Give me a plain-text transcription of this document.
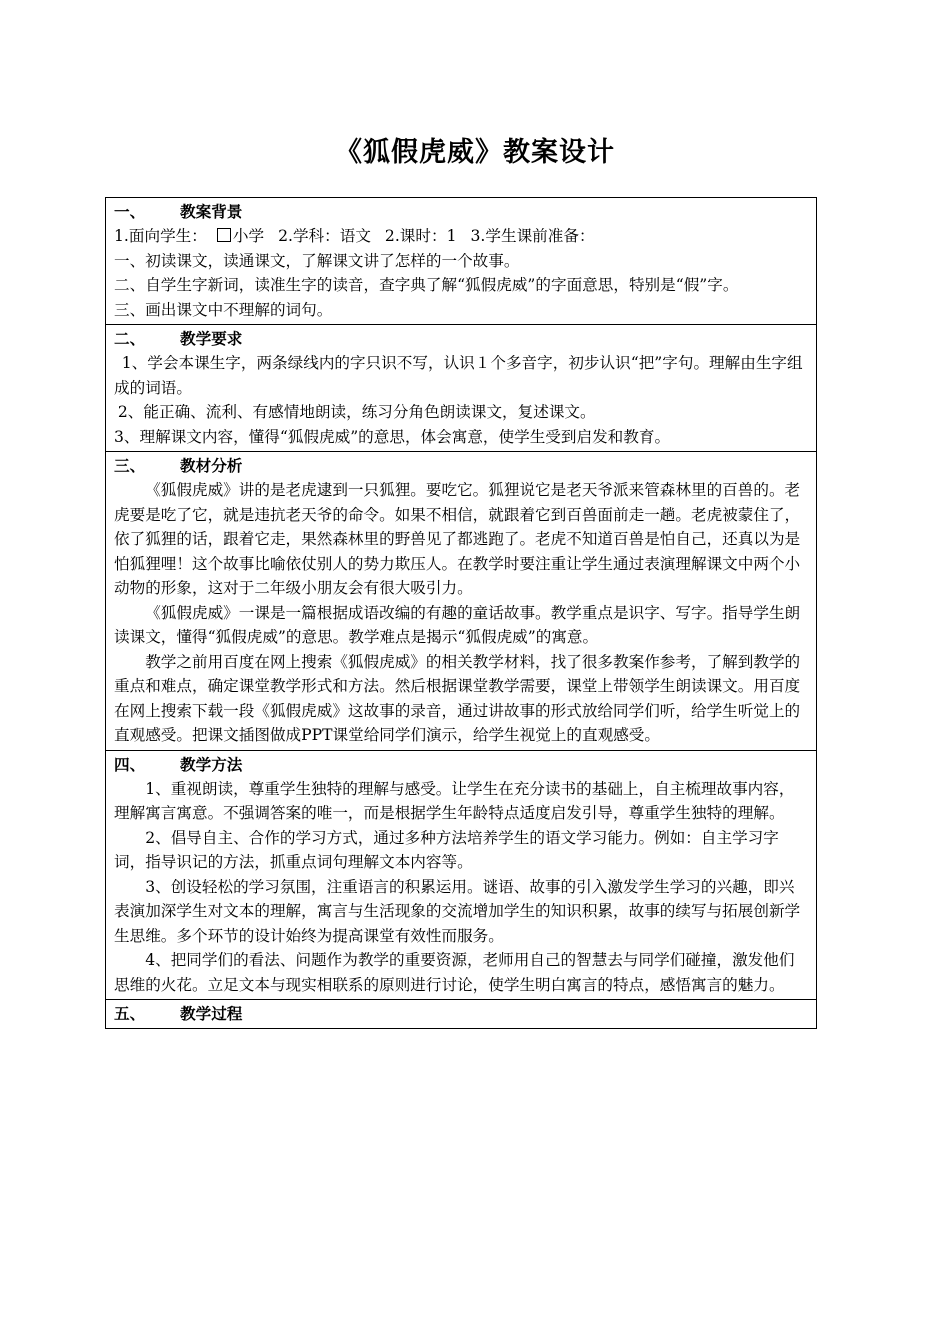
《狐假虎威》教案设计
一、 教案背景

1.面向学生： 小学 2.学科：语文 2.课时：1 3.学生课前准备：

一、初读课文，读通课文，了解课文讲了怎样的一个故事。

二、自学生字新词，读准生字的读音，查字典了解“狐假虎威”的字面意思，特别是“假”字。

三、画出课文中不理解的词句。

二、 教学要求

1、学会本课生字，两条绿线内的字只识不写，认识１个多音字，初步认识“把”字句。理解由生字组成的词语。

2、能正确、流利、有感情地朗读，练习分角色朗读课文，复述课文。

3、理解课文内容，懂得“狐假虎威”的意思，体会寓意，使学生受到启发和教育。

三、 教材分析

《狐假虎威》讲的是老虎逮到一只狐狸。要吃它。狐狸说它是老天爷派来管森林里的百兽的。老虎要是吃了它，就是违抗老天爷的命令。如果不相信，就跟着它到百兽面前走一趟。老虎被蒙住了，依了狐狸的话，跟着它走，果然森林里的野兽见了都逃跑了。老虎不知道百兽是怕自己，还真以为是怕狐狸哩！这个故事比喻依仗别人的势力欺压人。在教学时要注重让学生通过表演理解课文中两个小动物的形象，这对于二年级小朋友会有很大吸引力。

《狐假虎威》一课是一篇根据成语改编的有趣的童话故事。教学重点是识字、写字。指导学生朗读课文，懂得“狐假虎威”的意思。教学难点是揭示“狐假虎威”的寓意。

教学之前用百度在网上搜索《狐假虎威》的相关教学材料，找了很多教案作参考，了解到教学的重点和难点，确定课堂教学形式和方法。然后根据课堂教学需要，课堂上带领学生朗读课文。用百度在网上搜索下载一段《狐假虎威》这故事的录音，通过讲故事的形式放给同学们听，给学生听觉上的直观感受。把课文插图做成PPT课堂给同学们演示，给学生视觉上的直观感受。

四、 教学方法

1、重视朗读，尊重学生独特的理解与感受。让学生在充分读书的基础上，自主梳理故事内容，理解寓言寓意。不强调答案的唯一，而是根据学生年龄特点适度启发引导，尊重学生独特的理解。

2、倡导自主、合作的学习方式，通过多种方法培养学生的语文学习能力。例如：自主学习字词，指导识记的方法，抓重点词句理解文本内容等。

3、创设轻松的学习氛围，注重语言的积累运用。谜语、故事的引入激发学生学习的兴趣，即兴表演加深学生对文本的理解，寓言与生活现象的交流增加学生的知识积累，故事的续写与拓展创新学生思维。多个环节的设计始终为提高课堂有效性而服务。

4、把同学们的看法、问题作为教学的重要资源，老师用自己的智慧去与同学们碰撞，激发他们思维的火花。立足文本与现实相联系的原则进行讨论，使学生明白寓言的特点，感悟寓言的魅力。

五、 教学过程
